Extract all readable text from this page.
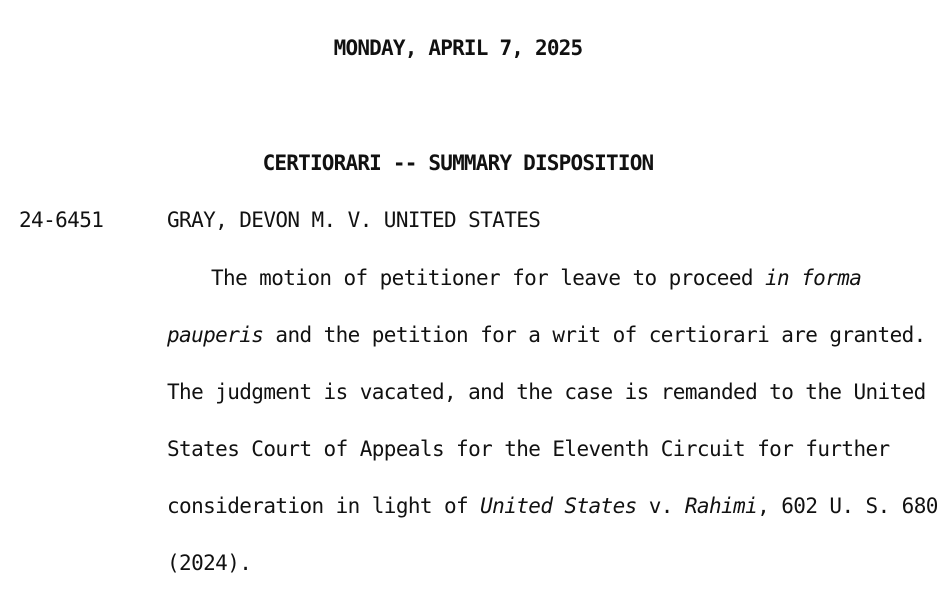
MONDAY, APRIL 7, 2025
CERTIORARI -- SUMMARY DISPOSITION
24-6451	GRAY, DEVON M. V. UNITED STATES
The motion of petitioner for leave to proceed in forma
pauperis and the petition for a writ of certiorari are granted.
The judgment is vacated, and the case is remanded to the United
States Court of Appeals for the Eleventh Circuit for further
consideration in light of United States v. Rahimi, 602 U. S. 680
(2024).
